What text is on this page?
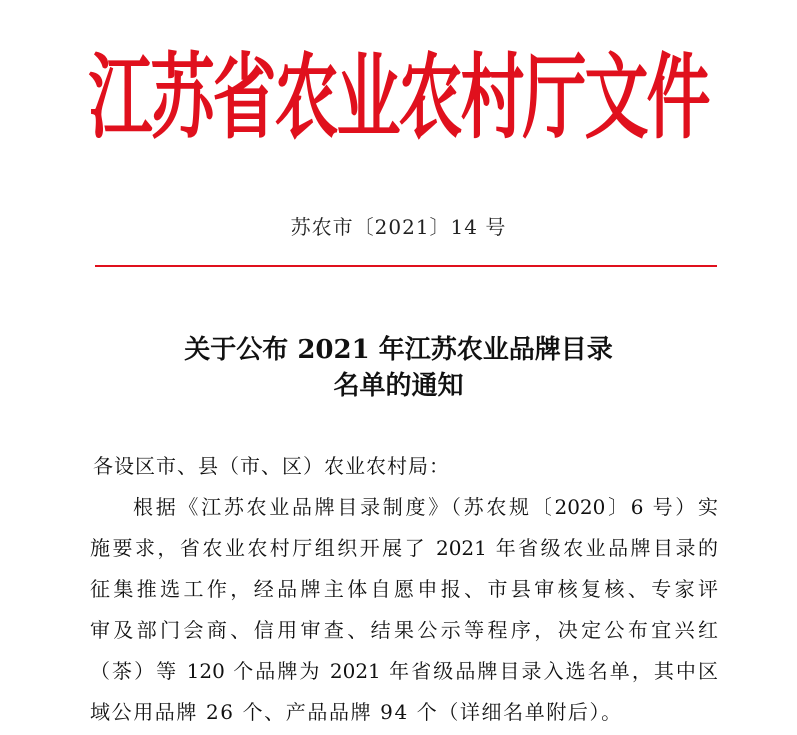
江苏省农业农村厅文件
苏农市〔2021〕14 号
关于公布 2021 年江苏农业品牌目录
名单的通知
各设区市、县（市、区）农业农村局：
根据《江苏农业品牌目录制度》（苏农规〔2020〕6 号）实
施要求，省农业农村厅组织开展了 2021 年省级农业品牌目录的
征集推选工作，经品牌主体自愿申报、市县审核复核、专家评
审及部门会商、信用审查、结果公示等程序，决定公布宜兴红
（茶）等 120 个品牌为 2021 年省级品牌目录入选名单，其中区
域公用品牌 26 个、产品品牌 94 个（详细名单附后）。
